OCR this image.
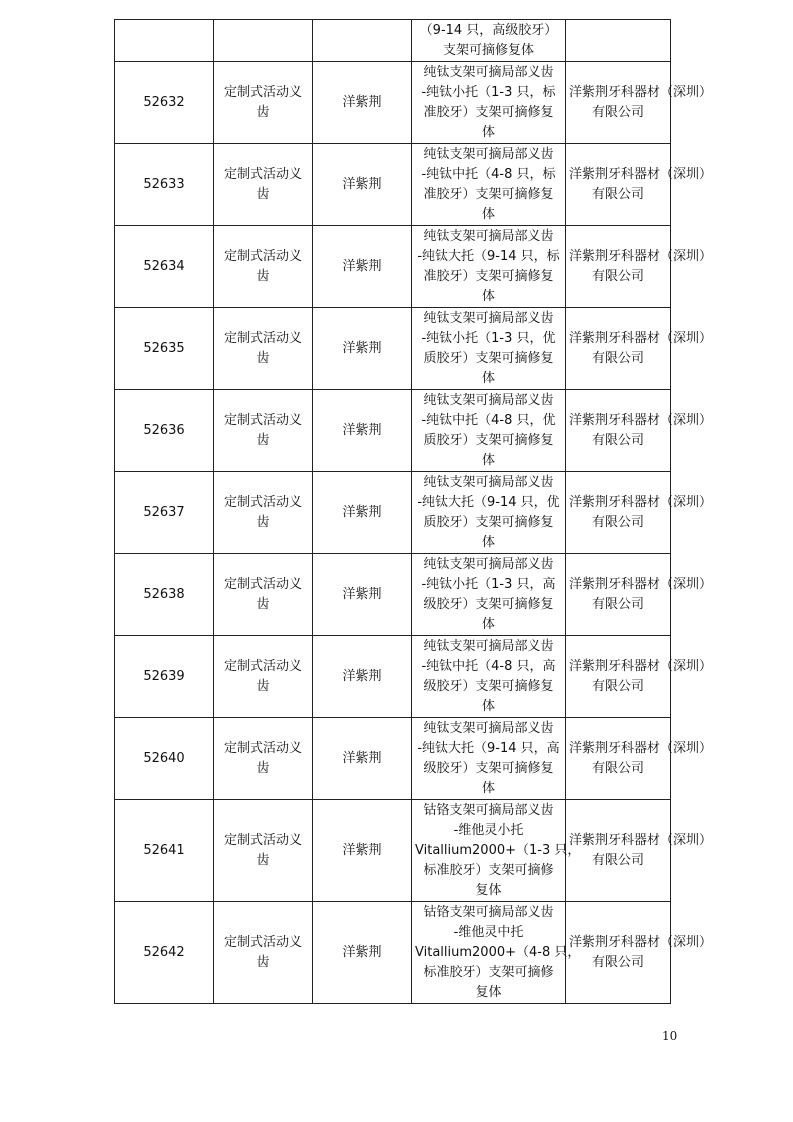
			（9-14 只，高级胶牙）
支架可摘修复体	

52632	定制式活动义
齿	洋紫荆	纯钛支架可摘局部义齿
-纯钛小托（1-3 只，标
准胶牙）支架可摘修复
体	洋紫荆牙科器材（深圳）
有限公司

52633	定制式活动义
齿	洋紫荆	纯钛支架可摘局部义齿
-纯钛中托（4-8 只，标
准胶牙）支架可摘修复
体	洋紫荆牙科器材（深圳）
有限公司

52634	定制式活动义
齿	洋紫荆	纯钛支架可摘局部义齿
-纯钛大托（9-14 只，标
准胶牙）支架可摘修复
体	洋紫荆牙科器材（深圳）
有限公司

52635	定制式活动义
齿	洋紫荆	纯钛支架可摘局部义齿
-纯钛小托（1-3 只，优
质胶牙）支架可摘修复
体	洋紫荆牙科器材（深圳）
有限公司

52636	定制式活动义
齿	洋紫荆	纯钛支架可摘局部义齿
-纯钛中托（4-8 只，优
质胶牙）支架可摘修复
体	洋紫荆牙科器材（深圳）
有限公司

52637	定制式活动义
齿	洋紫荆	纯钛支架可摘局部义齿
-纯钛大托（9-14 只，优
质胶牙）支架可摘修复
体	洋紫荆牙科器材（深圳）
有限公司

52638	定制式活动义
齿	洋紫荆	纯钛支架可摘局部义齿
-纯钛小托（1-3 只，高
级胶牙）支架可摘修复
体	洋紫荆牙科器材（深圳）
有限公司

52639	定制式活动义
齿	洋紫荆	纯钛支架可摘局部义齿
-纯钛中托（4-8 只，高
级胶牙）支架可摘修复
体	洋紫荆牙科器材（深圳）
有限公司

52640	定制式活动义
齿	洋紫荆	纯钛支架可摘局部义齿
-纯钛大托（9-14 只，高
级胶牙）支架可摘修复
体	洋紫荆牙科器材（深圳）
有限公司

52641	定制式活动义
齿	洋紫荆	钴铬支架可摘局部义齿
-维他灵小托
Vitallium2000+（1-3 只，
标准胶牙）支架可摘修
复体	洋紫荆牙科器材（深圳）
有限公司

52642	定制式活动义
齿	洋紫荆	钴铬支架可摘局部义齿
-维他灵中托
Vitallium2000+（4-8 只，
标准胶牙）支架可摘修
复体	洋紫荆牙科器材（深圳）
有限公司
10
